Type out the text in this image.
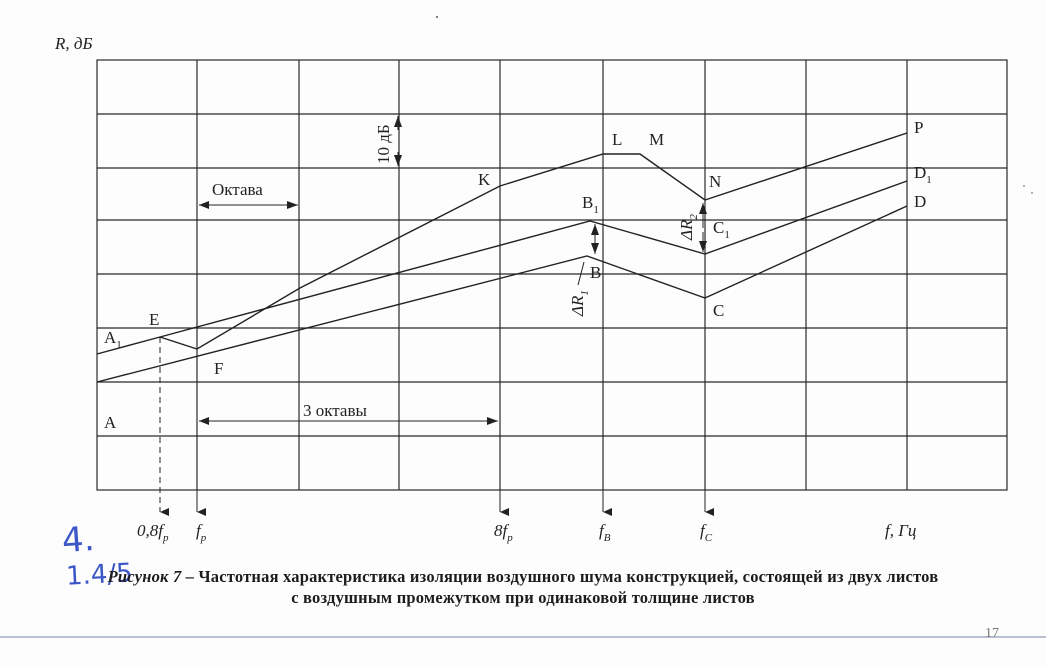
R, дБ
f, Гц
10 дБ
$0,8f_р$ $f_р$	$8f_р$	$f_В$	$f_C$
A
$A_1$
E
F
K
L M
N
P
$B_1$
B
$C_1$
C
$D_1$
D
Октава
3 октавы
$\Delta R_1$
$\Delta R_2$
4.
1.4/5
Рисунок 7 – Частотная характеристика изоляции воздушного шума конструкцией, состоящей из двух листов
с воздушным промежутком при одинаковой толщине листов
17
